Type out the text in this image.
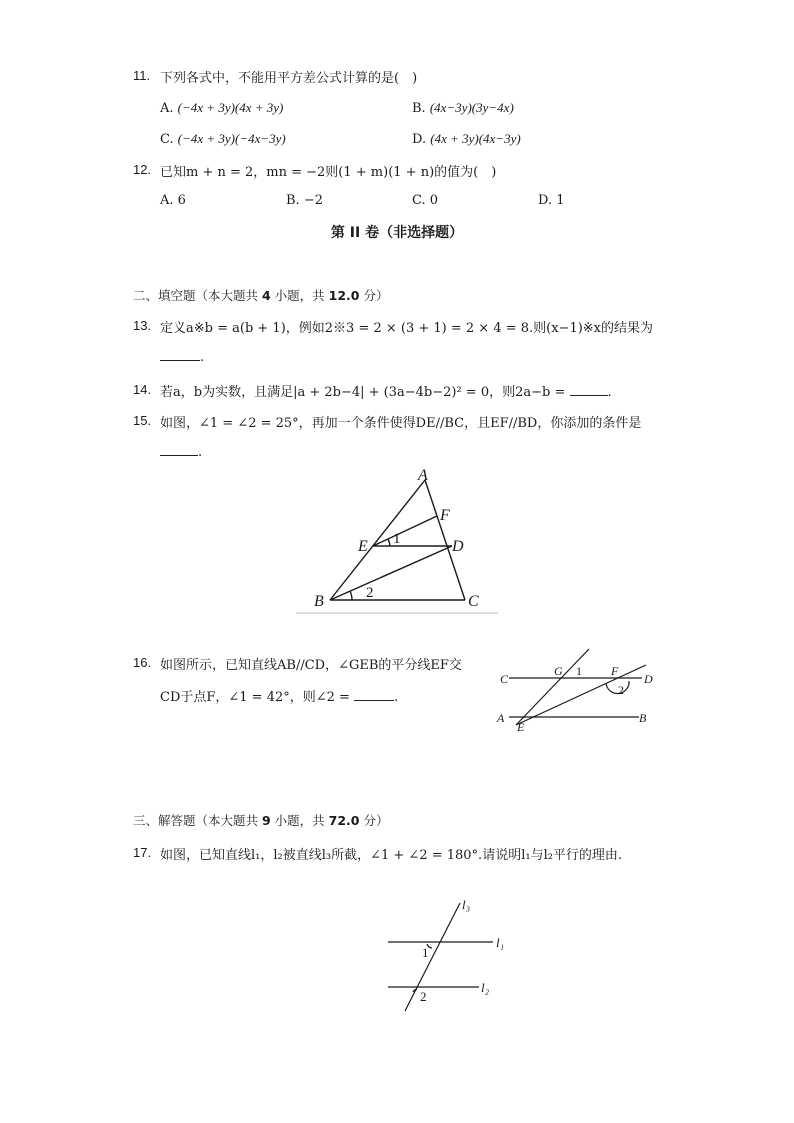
11. 下列各式中，不能用平方差公式计算的是(　)
A. (−4x + 3y)(4x + 3y)	B. (4x−3y)(3y−4x)
C. (−4x + 3y)(−4x−3y)	D. (4x + 3y)(4x−3y)
12. 已知m + n = 2，mn = −2则(1 + m)(1 + n)的值为(　)
A. 6	B. −2	C. 0	D. 1
第 II 卷（非选择题）
二、填空题（本大题共 4 小题，共 12.0 分）
13. 定义a※b = a(b + 1)，例如2※3 = 2 × (3 + 1) = 2 × 4 = 8.则(x−1)※x的结果为
.
14. 若a，b为实数，且满足|a + 2b−4| + (3a−4b−2)² = 0，则2a−b =	.
15. 如图，∠1 = ∠2 = 25°，再加一个条件使得DE//BC，且EF//BD，你添加的条件是
.
A
B	C
D
E
F
1
2
16. 如图所示，已知直线AB//CD，∠GEB的平分线EF交
CD于点F，∠1 = 42°，则∠2 =	.
C	D
A	B
E
F
G 1
2
三、解答题（本大题共 9 小题，共 72.0 分）
17. 如图，已知直线l₁，l₂被直线l₃所截，∠1 + ∠2 = 180°.请说明l₁与l₂平行的理由.
l₃
l₁
l₂
1
2
